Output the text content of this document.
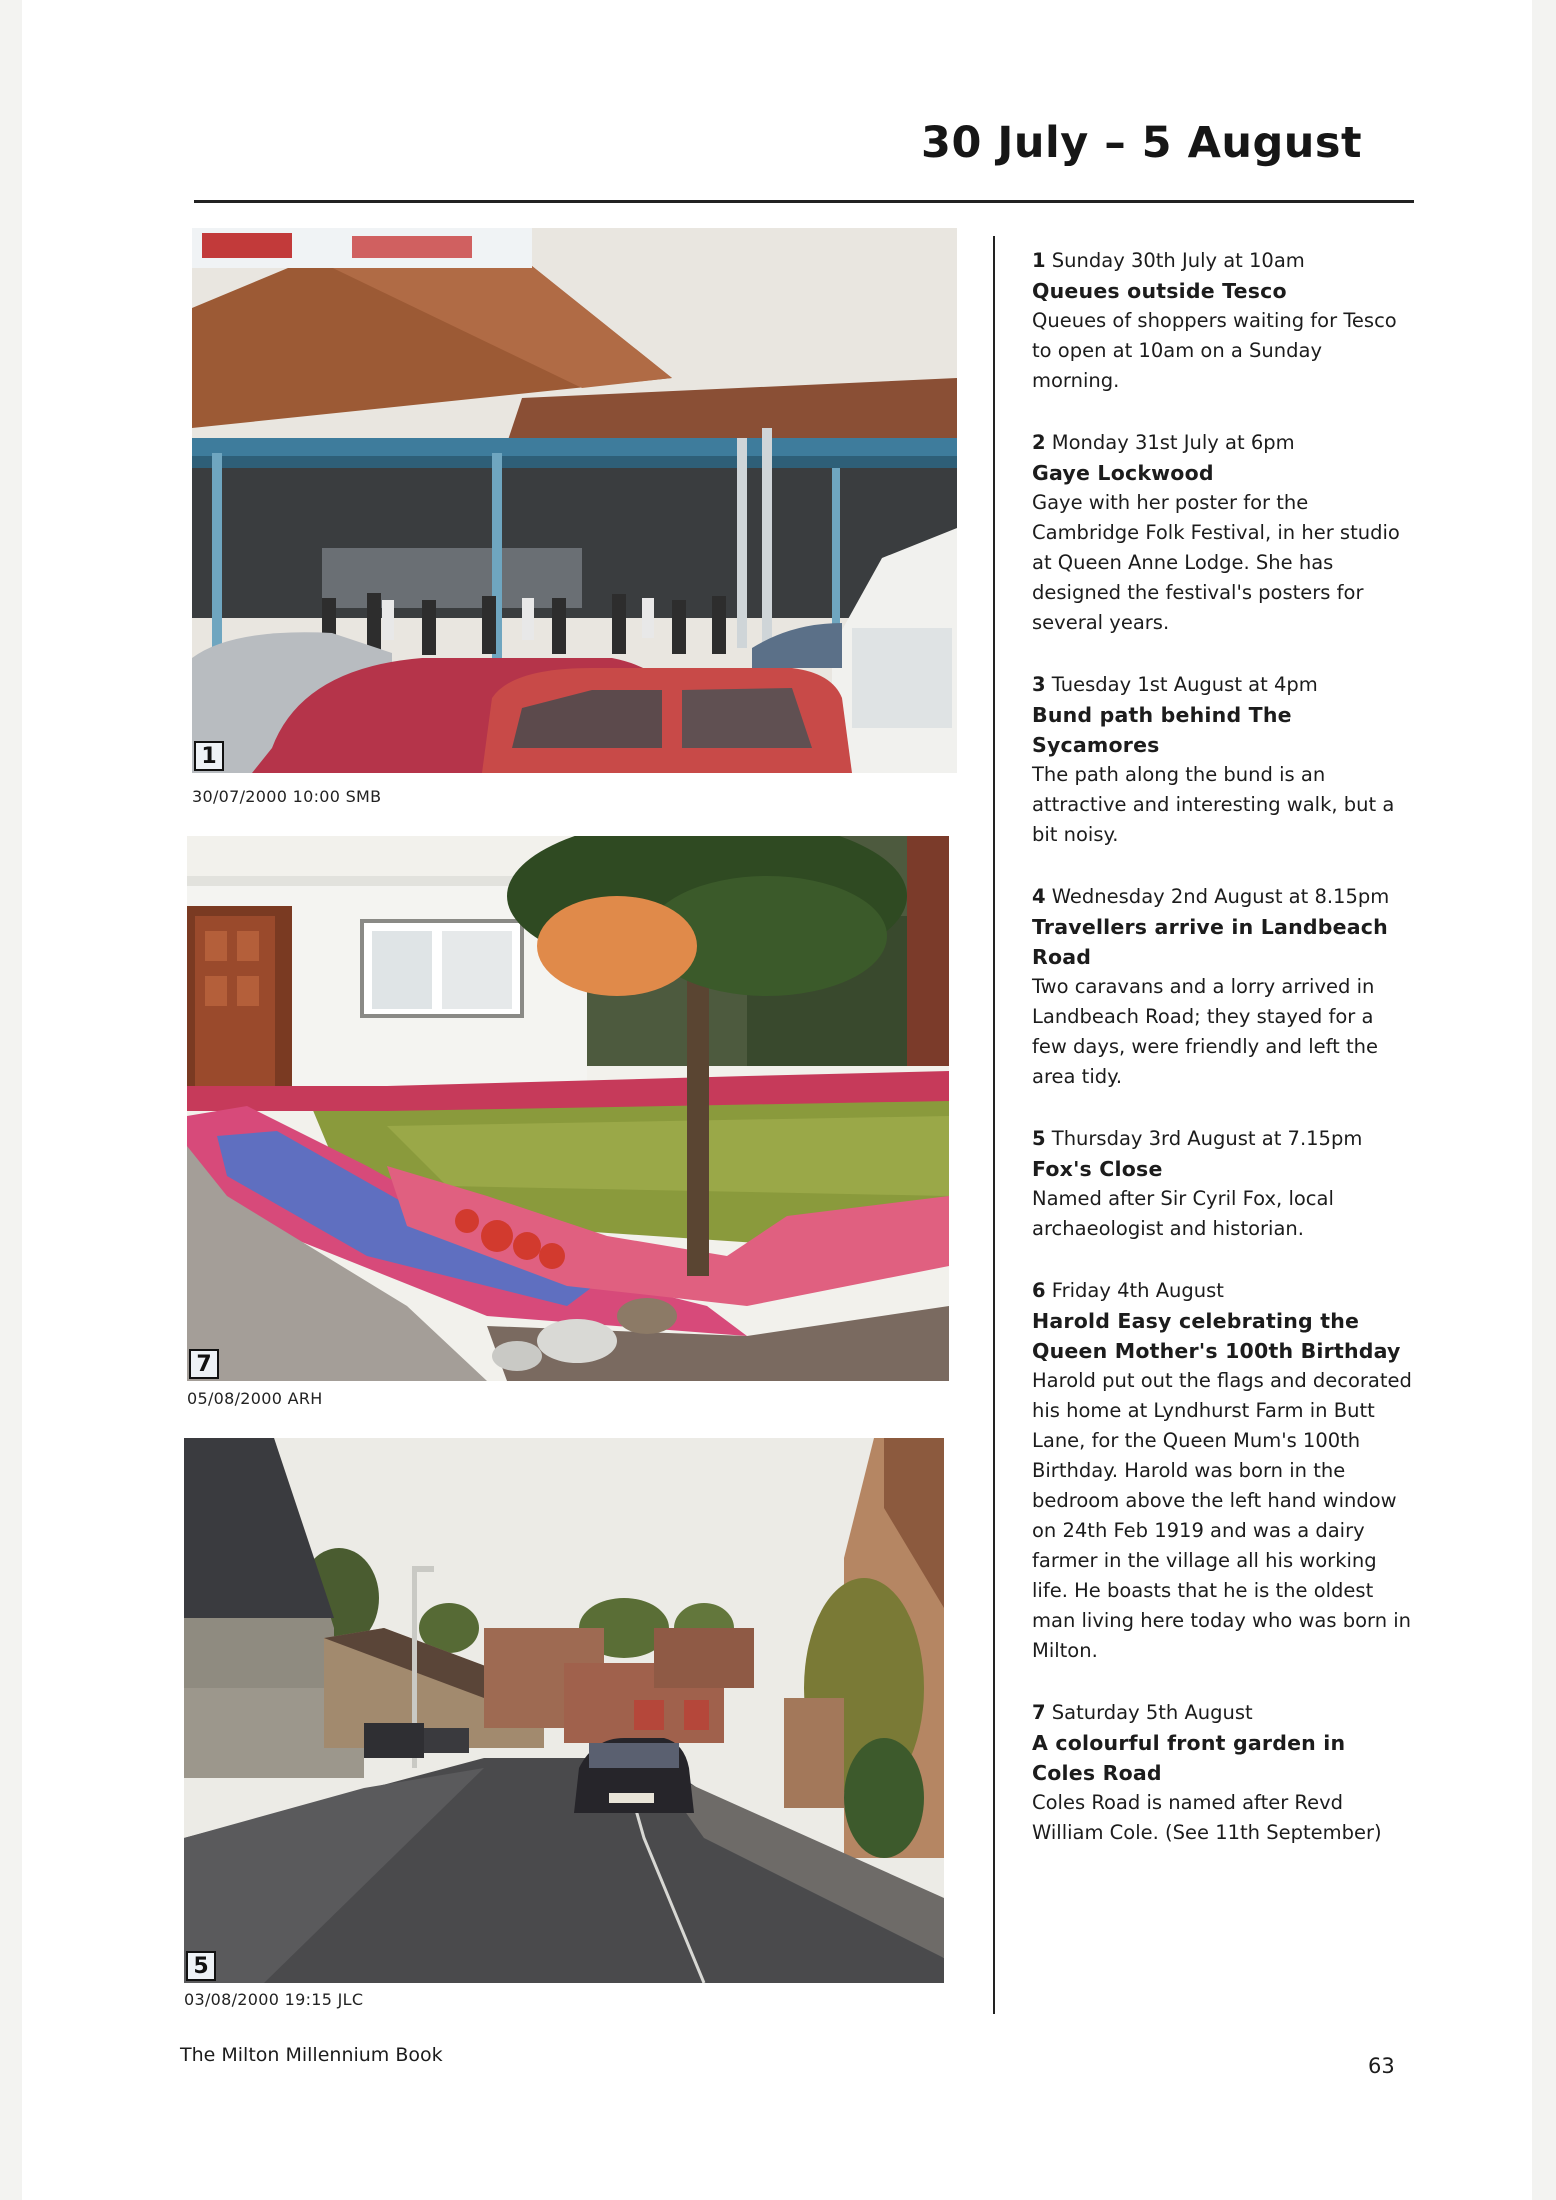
30 July – 5 August
1
30/07/2000 10:00 SMB
7
05/08/2000 ARH
5
03/08/2000 19:15 JLC
1 Sunday 30th July at 10am
Queues outside Tesco

Queues of shoppers waiting for Tesco to open at 10am on a Sunday morning.

2 Monday 31st July at 6pm
Gaye Lockwood

Gaye with her poster for the Cambridge Folk Festival, in her studio at Queen Anne Lodge. She has designed the festival's posters for several years.

3 Tuesday 1st August at 4pm
Bund path behind The Sycamores

The path along the bund is an attractive and interesting walk, but a bit noisy.

4 Wednesday 2nd August at 8.15pm
Travellers arrive in Landbeach Road

Two caravans and a lorry arrived in Landbeach Road; they stayed for a few days, were friendly and left the area tidy.

5 Thursday 3rd August at 7.15pm
Fox's Close

Named after Sir Cyril Fox, local archaeologist and historian.

6 Friday 4th August
Harold Easy celebrating the Queen Mother's 100th Birthday

Harold put out the flags and decorated his home at Lyndhurst Farm in Butt Lane, for the Queen Mum's 100th Birthday. Harold was born in the bedroom above the left hand window on 24th Feb 1919 and was a dairy farmer in the village all his working life. He boasts that he is the oldest man living here today who was born in Milton.

7 Saturday 5th August
A colourful front garden in Coles Road

Coles Road is named after Revd William Cole. (See 11th September)

The Milton Millennium Book	63
